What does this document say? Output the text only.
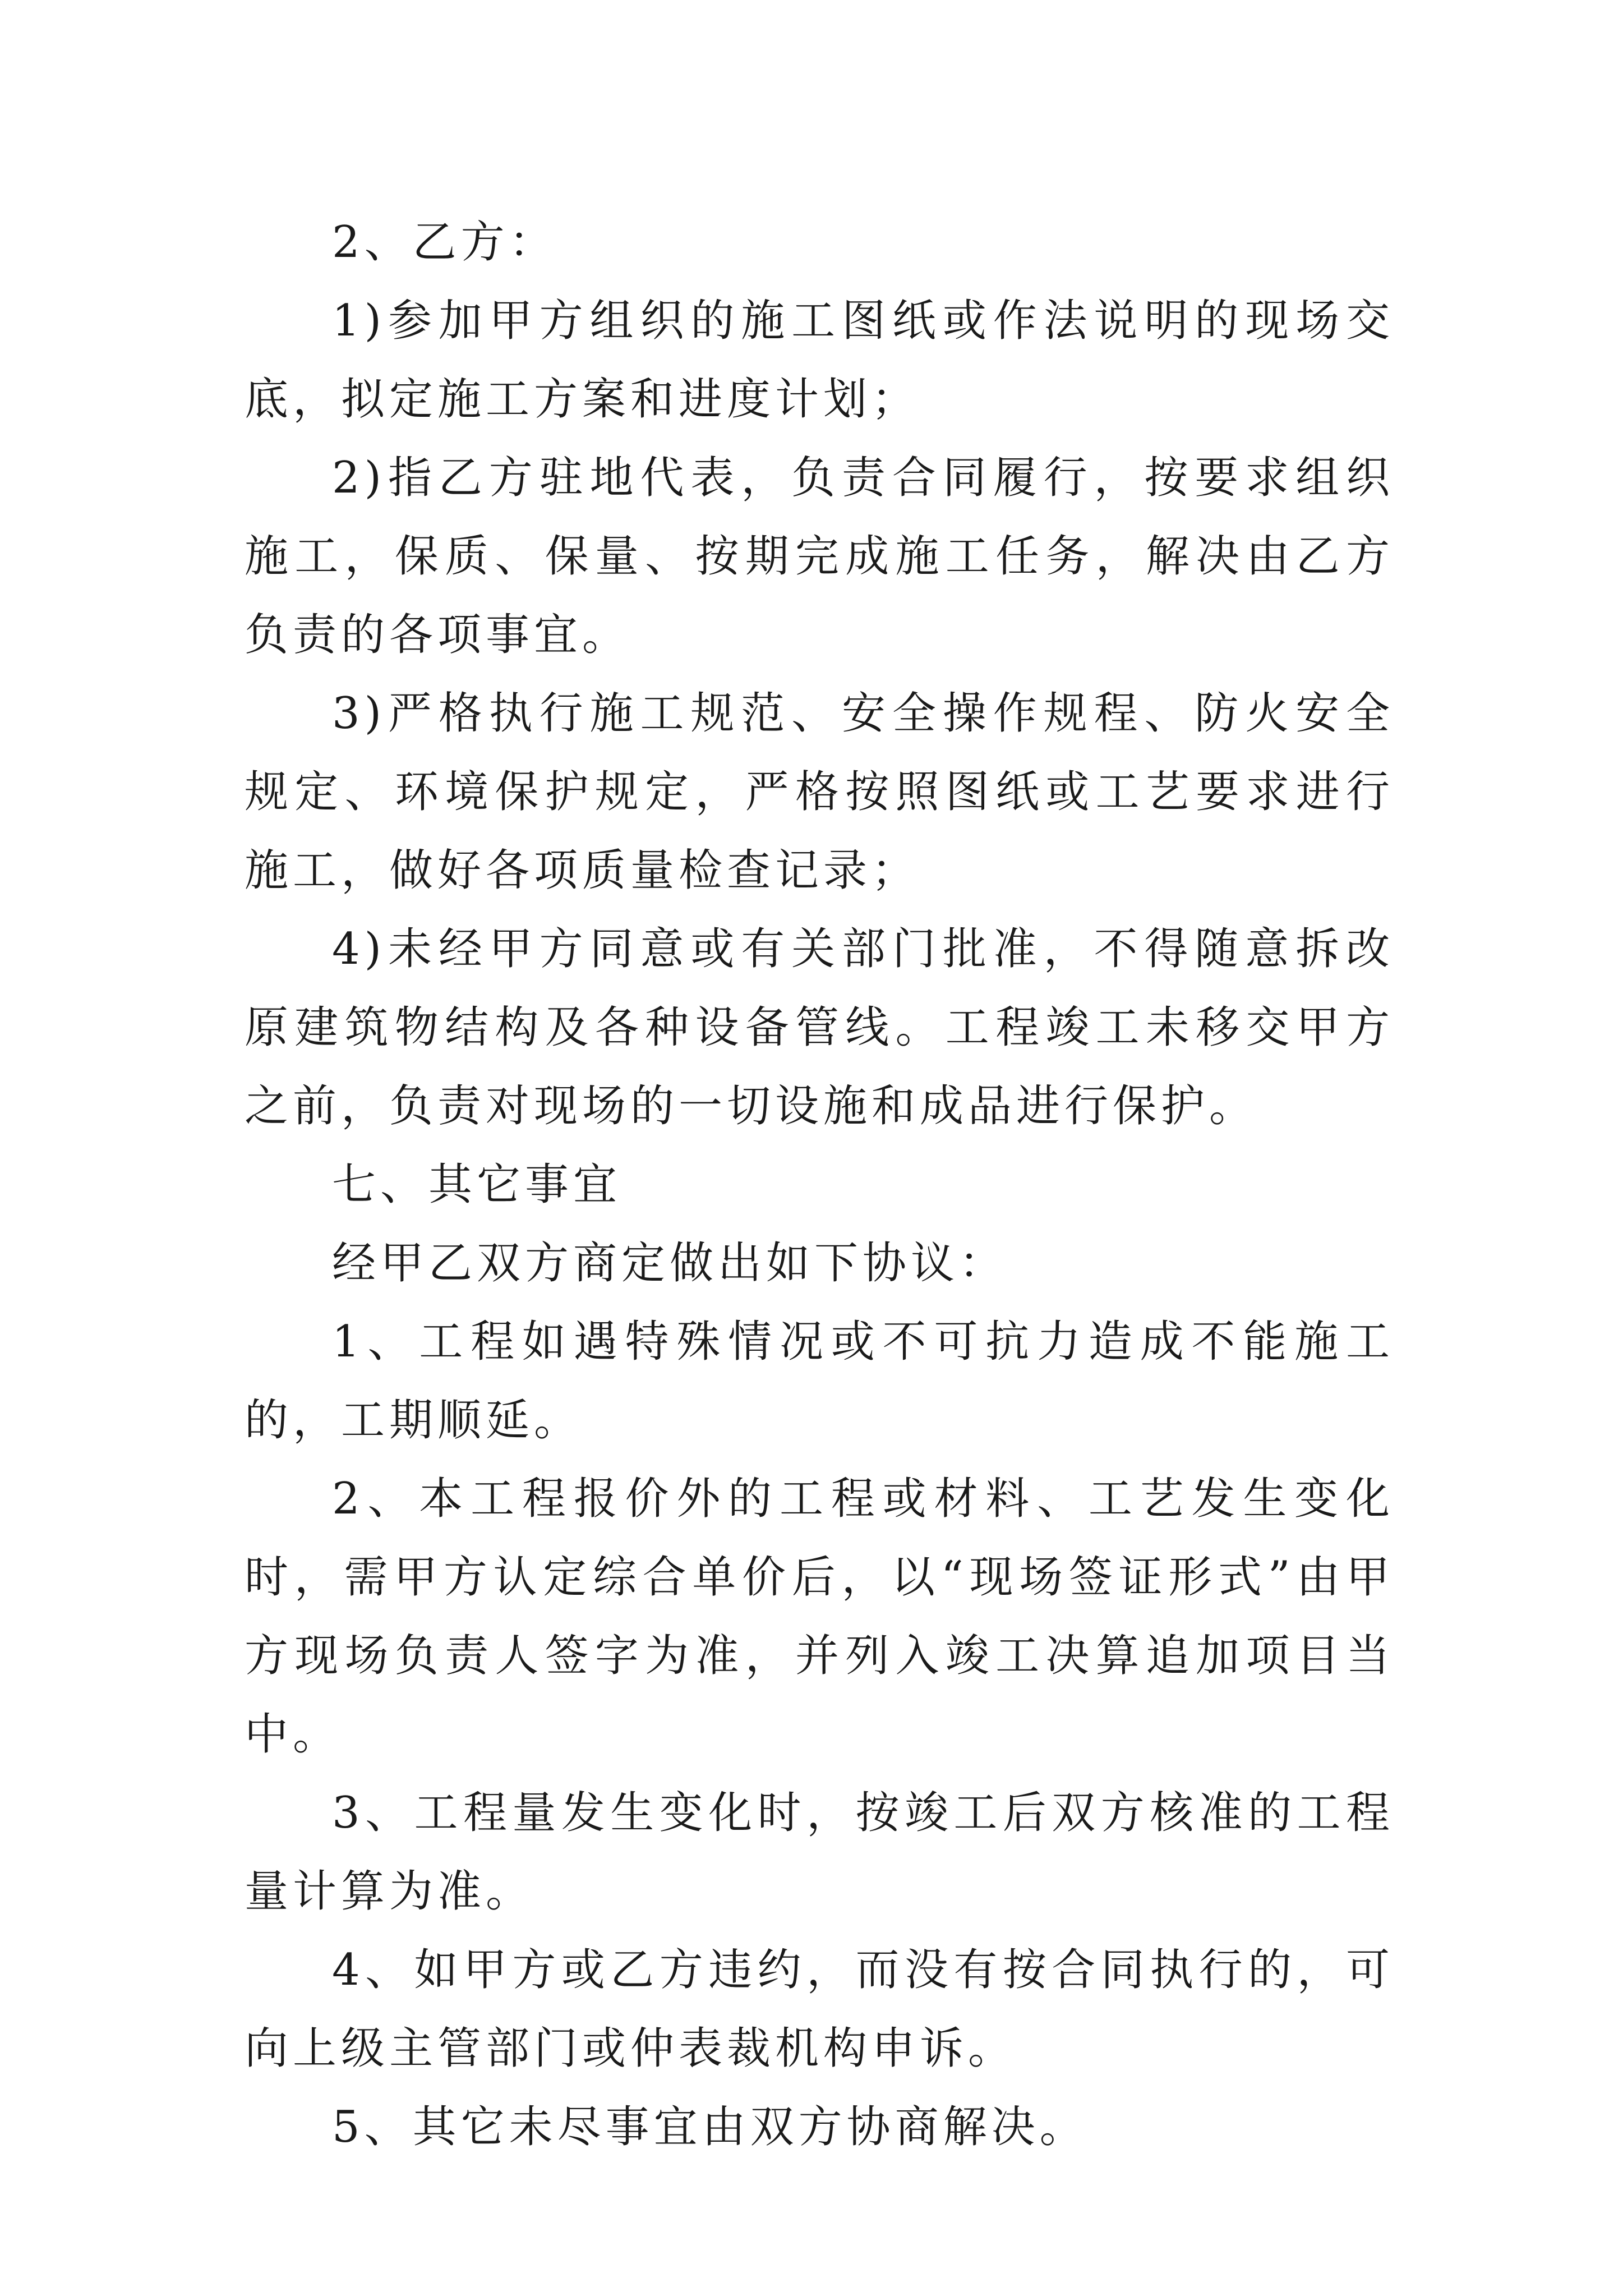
2、乙方：

1)参加甲方组织的施工图纸或作法说明的现场交底，拟定施工方案和进度计划；

2)指乙方驻地代表，负责合同履行，按要求组织施工，保质、保量、按期完成施工任务，解决由乙方负责的各项事宜。

3)严格执行施工规范、安全操作规程、防火安全规定、环境保护规定，严格按照图纸或工艺要求进行施工，做好各项质量检查记录；

4)未经甲方同意或有关部门批准，不得随意拆改原建筑物结构及各种设备管线。工程竣工未移交甲方之前，负责对现场的一切设施和成品进行保护。

七、其它事宜

经甲乙双方商定做出如下协议：

1、工程如遇特殊情况或不可抗力造成不能施工的，工期顺延。

2、本工程报价外的工程或材料、工艺发生变化时，需甲方认定综合单价后，以“现场签证形式”由甲方现场负责人签字为准，并列入竣工决算追加项目当中。

3、工程量发生变化时，按竣工后双方核准的工程量计算为准。

4、如甲方或乙方违约，而没有按合同执行的，可向上级主管部门或仲表裁机构申诉。

5、其它未尽事宜由双方协商解决。
